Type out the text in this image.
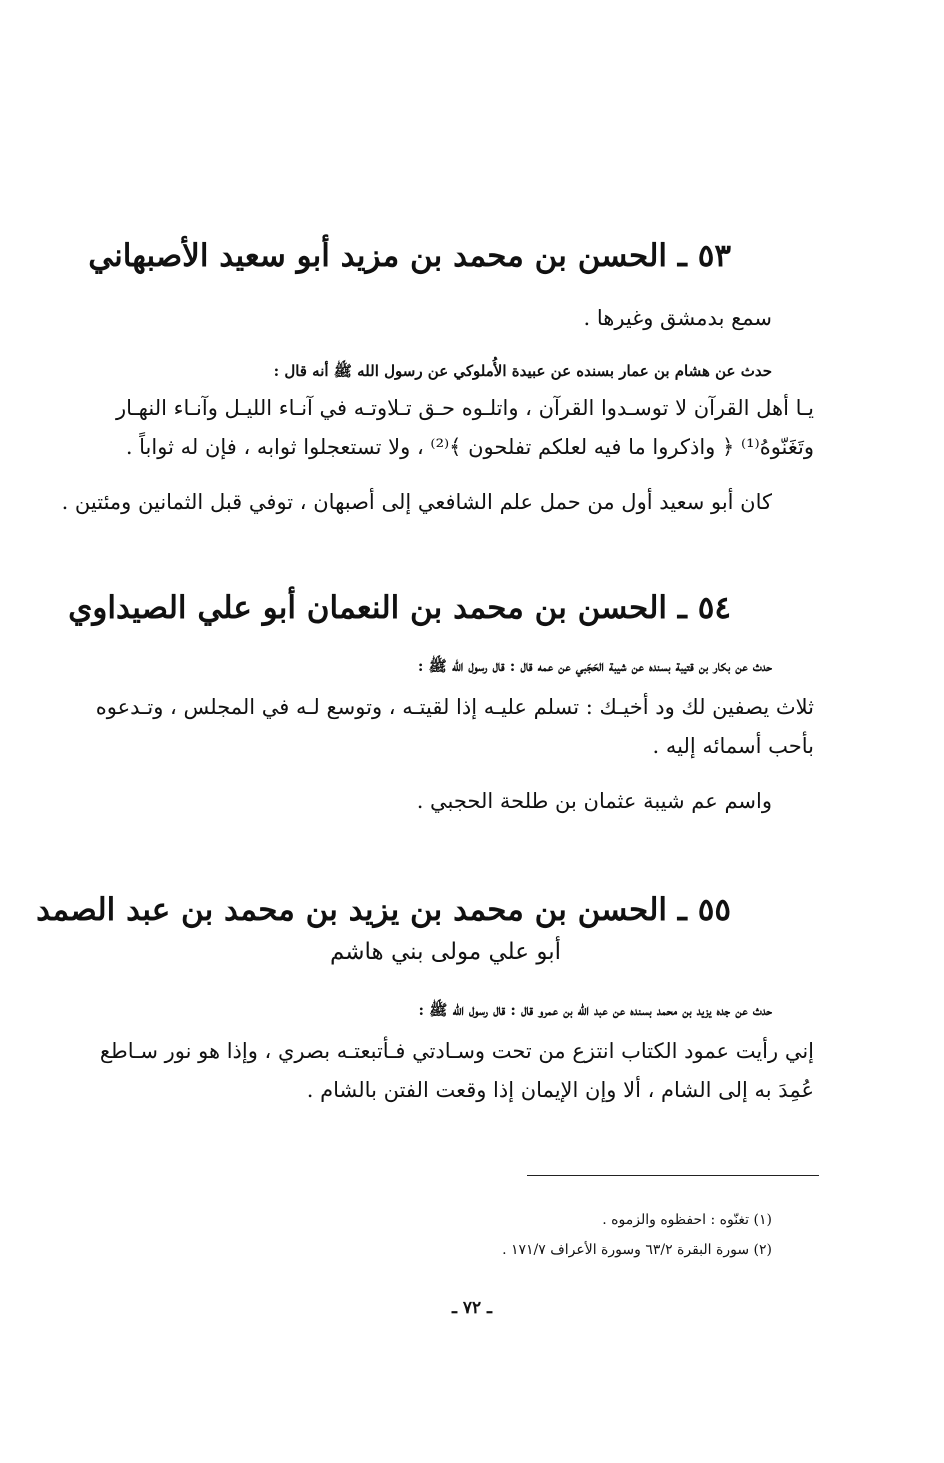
٥٣ ـ الحسن بن محمد بن مزيد أبو سعيد الأصبهاني
سمع بدمشق وغيرها .
حدث عن هشام بن عمار بسنده عن عبيدة الأُملوكي عن رسول الله ﷺ أنه قال :
يـا أهل القرآن لا توسـدوا القرآن ، واتلـوه حـق تـلاوتـه في آنـاء الليـل وآنـاء النهـار
وتَغَنّوهُ⁽¹⁾ ﴿ واذكروا ما فيه لعلكم تفلحون ﴾⁽²⁾ ، ولا تستعجلوا ثوابه ، فإن له ثواباً .
كان أبو سعيد أول من حمل علم الشافعي إلى أصبهان ، توفي قبل الثمانين ومئتين .
٥٤ ـ الحسن بن محمد بن النعمان أبو علي الصيداوي
حدث عن بكار بن قتيبة بسنده عن شيبة الحَجَبي عن عمه قال : قال رسول الله ﷺ :
ثلاث يصفين لك ود أخيـك : تسلم عليـه إذا لقيتـه ، وتوسع لـه في المجلس ، وتـدعوه
بأحب أسمائه إليه .
واسم عم شيبة عثمان بن طلحة الحجبي .
٥٥ ـ الحسن بن محمد بن يزيد بن محمد بن عبد الصمد
أبو علي مولى بني هاشم
حدث عن جده يزيد بن محمد بسنده عن عبد الله بن عمرو قال : قال رسول الله ﷺ :
إني رأيت عمود الكتاب انتزع من تحت وسـادتي فـأتبعتـه بصري ، وإذا هو نور سـاطع
عُمِدَ به إلى الشام ، ألا وإن الإيمان إذا وقعت الفتن بالشام .
(١) تغنّوه : احفظوه والزموه .
(٢) سورة البقرة ٦٣/٢ وسورة الأعراف ١٧١/٧ .
ـ ٧٢ ـ
